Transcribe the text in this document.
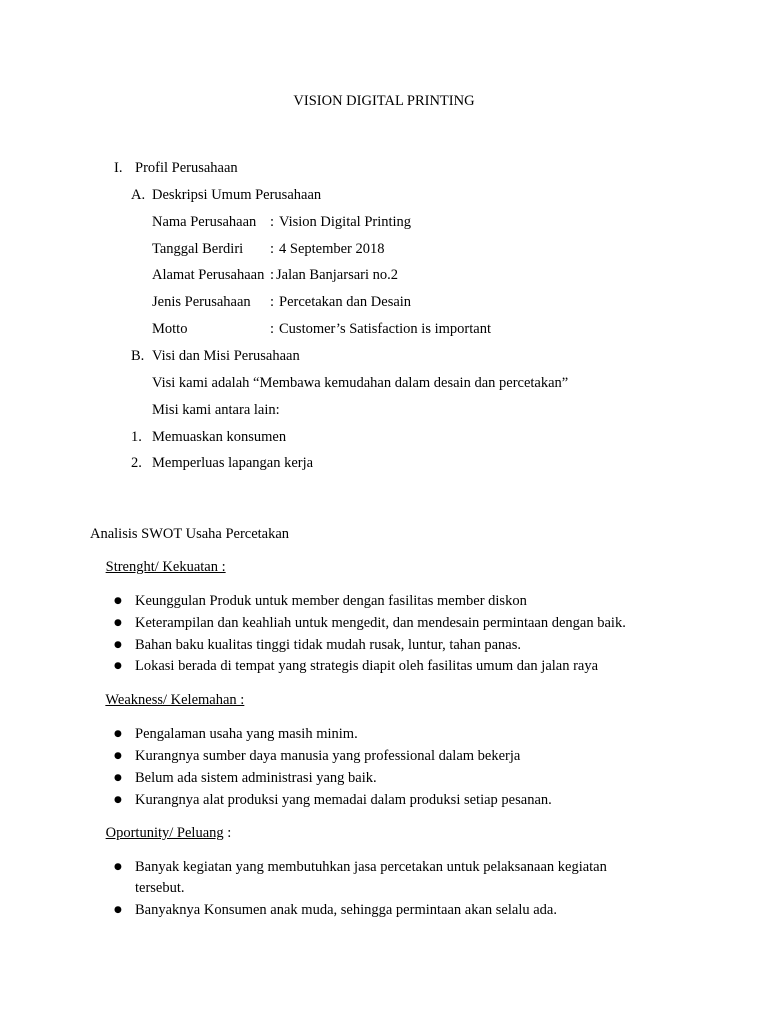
VISION DIGITAL PRINTING
I. Profil Perusahaan
A. Deskripsi Umum Perusahaan
Nama Perusahaan : Vision Digital Printing
Tanggal Berdiri : 4 September 2018
Alamat Perusahaan : Jalan Banjarsari no.2
Jenis Perusahaan : Percetakan dan Desain
Motto	: Customer’s Satisfaction is important
B. Visi dan Misi Perusahaan
Visi kami adalah “Membawa kemudahan dalam desain dan percetakan”
Misi kami antara lain:
1. Memuaskan konsumen
2. Memperluas lapangan kerja
Analisis SWOT Usaha Percetakan
Strenght/ Kekuatan :
● Keunggulan Produk untuk member dengan fasilitas member diskon
● Keterampilan dan keahliah untuk mengedit, dan mendesain permintaan dengan baik.
● Bahan baku kualitas tinggi tidak mudah rusak, luntur, tahan panas.
● Lokasi berada di tempat yang strategis diapit oleh fasilitas umum dan jalan raya
Weakness/ Kelemahan :
● Pengalaman usaha yang masih minim.
● Kurangnya sumber daya manusia yang professional dalam bekerja
● Belum ada sistem administrasi yang baik.
● Kurangnya alat produksi yang memadai dalam produksi setiap pesanan.
Oportunity/ Peluang :
● Banyak kegiatan yang membutuhkan jasa percetakan untuk pelaksanaan kegiatan
tersebut.
● Banyaknya Konsumen anak muda, sehingga permintaan akan selalu ada.
